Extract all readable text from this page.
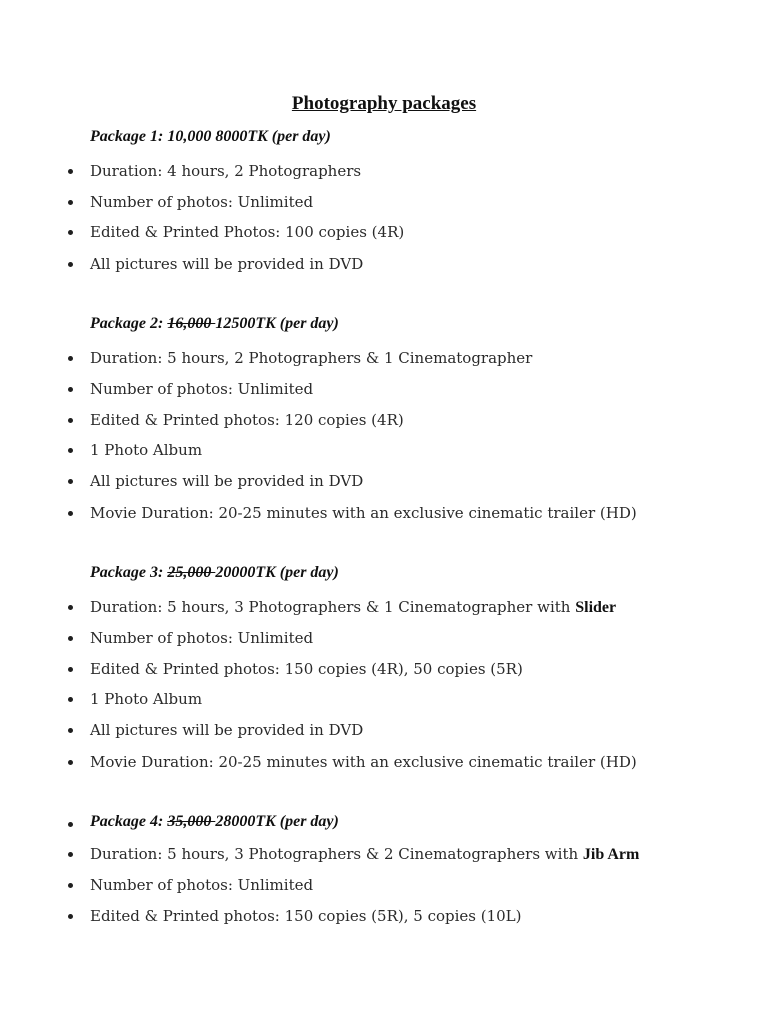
Photography packages
Package 1: 10,000 8000TK (per day)
Duration: 4 hours, 2 Photographers
Number of photos: Unlimited
Edited & Printed Photos: 100 copies (4R)
All pictures will be provided in DVD
Package 2: 16,000 12500TK (per day)
Duration: 5 hours, 2 Photographers & 1 Cinematographer
Number of photos: Unlimited
Edited & Printed photos: 120 copies (4R)
1 Photo Album
All pictures will be provided in DVD
Movie Duration: 20-25 minutes with an exclusive cinematic trailer (HD)
Package 3: 25,000 20000TK (per day)
Duration: 5 hours, 3 Photographers & 1 Cinematographer with Slider
Number of photos: Unlimited
Edited & Printed photos: 150 copies (4R), 50 copies (5R)
1 Photo Album
All pictures will be provided in DVD
Movie Duration: 20-25 minutes with an exclusive cinematic trailer (HD)
Package 4: 35,000 28000TK (per day)
Duration: 5 hours, 3 Photographers & 2 Cinematographers with Jib Arm
Number of photos: Unlimited
Edited & Printed photos: 150 copies (5R), 5 copies (10L)
